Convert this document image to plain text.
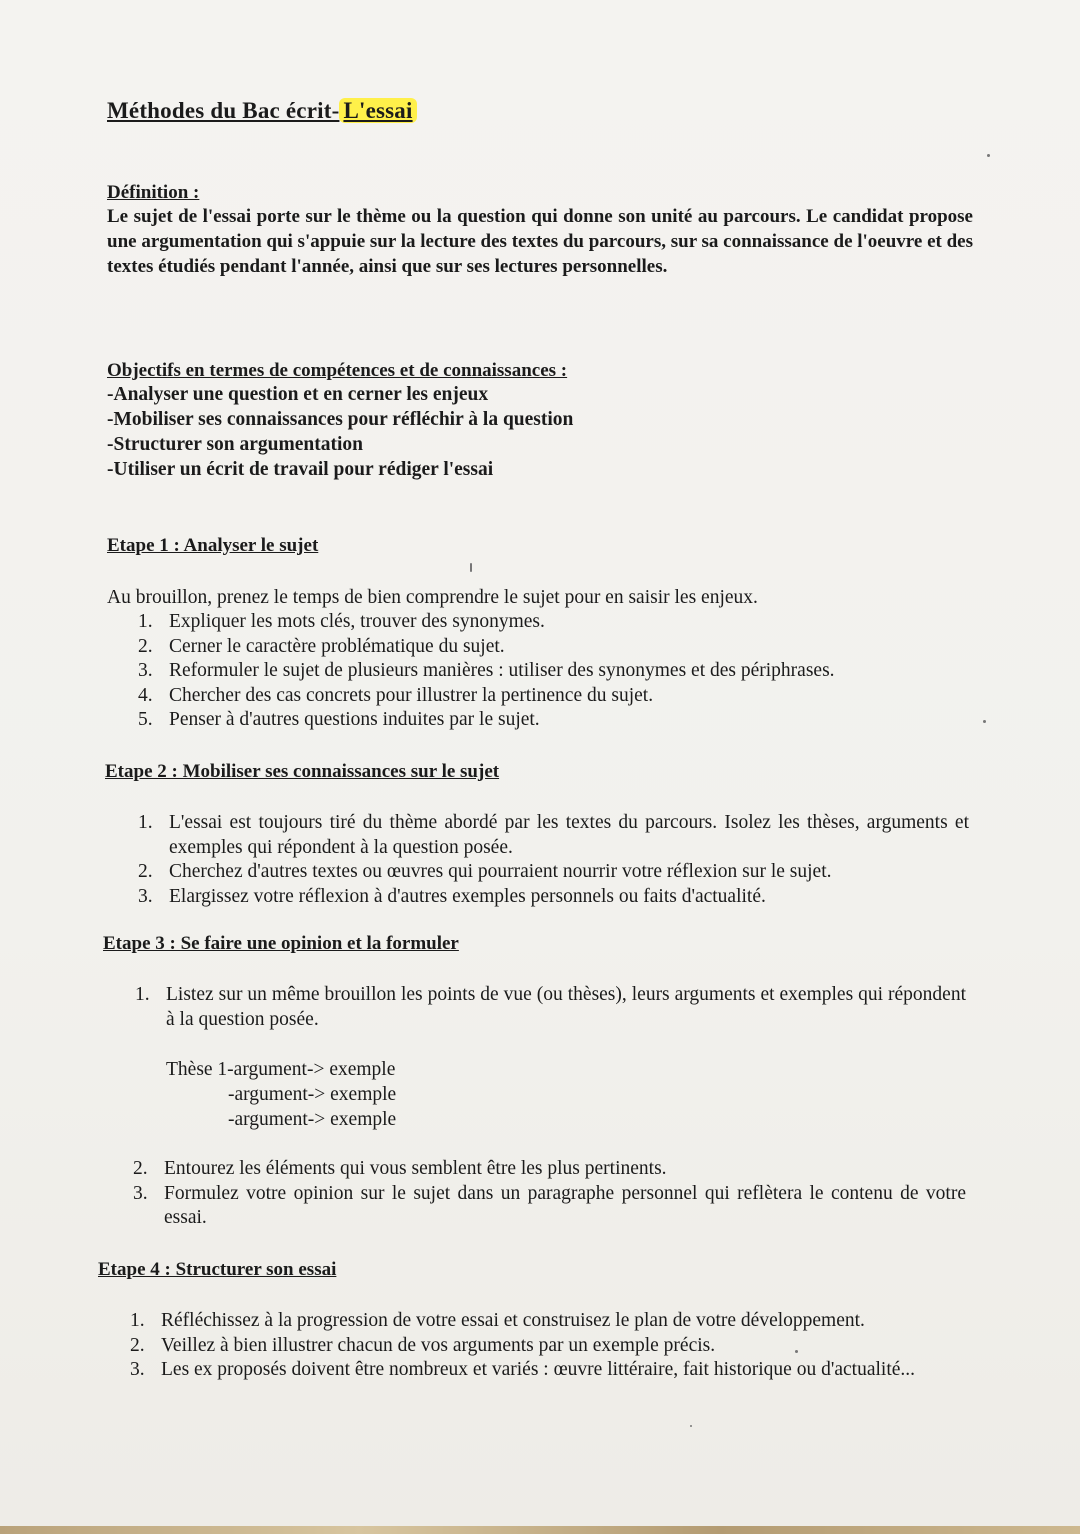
Méthodes du Bac écrit- L'essai
Définition :
Le sujet de l'essai porte sur le thème ou la question qui donne son unité au parcours. Le candidat propose une argumentation qui s'appuie sur la lecture des textes du parcours, sur sa connaissance de l'oeuvre et des textes étudiés pendant l'année, ainsi que sur ses lectures personnelles.
Objectifs en termes de compétences et de connaissances :
-Analyser une question et en cerner les enjeux
-Mobiliser ses connaissances pour réfléchir à la question
-Structurer son argumentation
-Utiliser un écrit de travail pour rédiger l'essai
Etape 1 : Analyser le sujet
Au brouillon, prenez le temps de bien comprendre le sujet pour en saisir les enjeux.
1. Expliquer les mots clés, trouver des synonymes.
2. Cerner le caractère problématique du sujet.
3. Reformuler le sujet de plusieurs manières : utiliser des synonymes et des périphrases.
4. Chercher des cas concrets pour illustrer la pertinence du sujet.
5. Penser à d'autres questions induites par le sujet.
Etape 2 : Mobiliser ses connaissances sur le sujet
1. L'essai est toujours tiré du thème abordé par les textes du parcours. Isolez les thèses, arguments et exemples qui répondent à la question posée.
2. Cherchez d'autres textes ou œuvres qui pourraient nourrir votre réflexion sur le sujet.
3. Elargissez votre réflexion à d'autres exemples personnels ou faits d'actualité.
Etape 3 : Se faire une opinion et la formuler
1. Listez sur un même brouillon les points de vue (ou thèses), leurs arguments et exemples qui répondent à la question posée.
Thèse 1-argument-> exemple
-argument-> exemple
-argument-> exemple
2. Entourez les éléments qui vous semblent être les plus pertinents.
3. Formulez votre opinion sur le sujet dans un paragraphe personnel qui reflètera le contenu de votre essai.
Etape 4 : Structurer son essai
1. Réfléchissez à la progression de votre essai et construisez le plan de votre développement.
2. Veillez à bien illustrer chacun de vos arguments par un exemple précis.
3. Les ex proposés doivent être nombreux et variés : œuvre littéraire, fait historique ou d'actualité...
